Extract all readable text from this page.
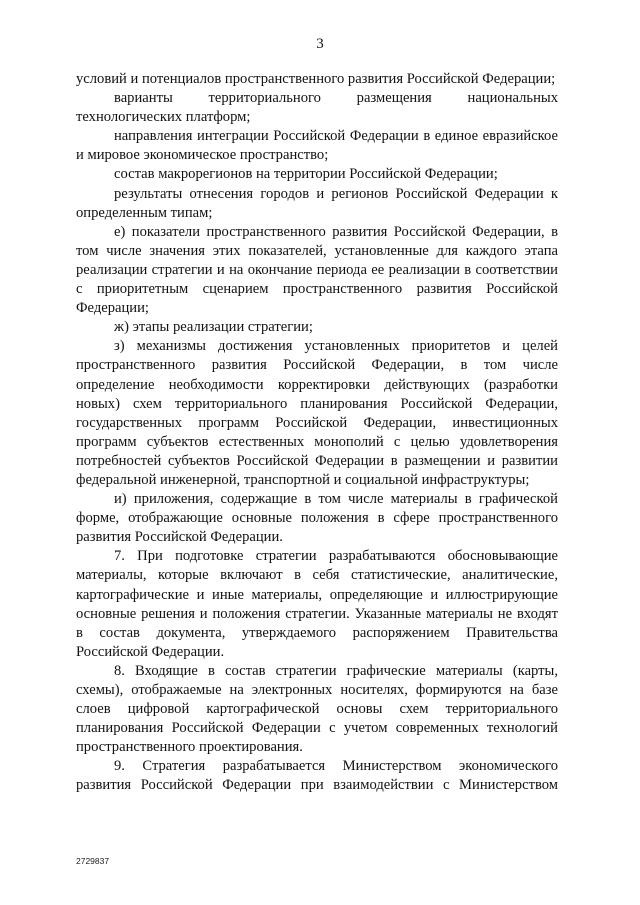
3

условий и потенциалов пространственного развития Российской Федерации;

варианты территориального размещения национальных технологических платформ;

направления интеграции Российской Федерации в единое евразийское и мировое экономическое пространство;

состав макрорегионов на территории Российской Федерации;

результаты отнесения городов и регионов Российской Федерации к определенным типам;

е) показатели пространственного развития Российской Федерации, в том числе значения этих показателей, установленные для каждого этапа реализации стратегии и на окончание периода ее реализации в соответствии с приоритетным сценарием пространственного развития Российской Федерации;

ж) этапы реализации стратегии;

з) механизмы достижения установленных приоритетов и целей пространственного развития Российской Федерации, в том числе определение необходимости корректировки действующих (разработки новых) схем территориального планирования Российской Федерации, государственных программ Российской Федерации, инвестиционных программ субъектов естественных монополий с целью удовлетворения потребностей субъектов Российской Федерации в размещении и развитии федеральной инженерной, транспортной и социальной инфраструктуры;

и) приложения, содержащие в том числе материалы в графической форме, отображающие основные положения в сфере пространственного развития Российской Федерации.

7. При подготовке стратегии разрабатываются обосновывающие материалы, которые включают в себя статистические, аналитические, картографические и иные материалы, определяющие и иллюстрирующие основные решения и положения стратегии. Указанные материалы не входят в состав документа, утверждаемого распоряжением Правительства Российской Федерации.

8. Входящие в состав стратегии графические материалы (карты, схемы), отображаемые на электронных носителях, формируются на базе слоев цифровой картографической основы схем территориального планирования Российской Федерации с учетом современных технологий пространственного проектирования.

9. Стратегия разрабатывается Министерством экономического развития Российской Федерации при взаимодействии с Министерством

2729837
